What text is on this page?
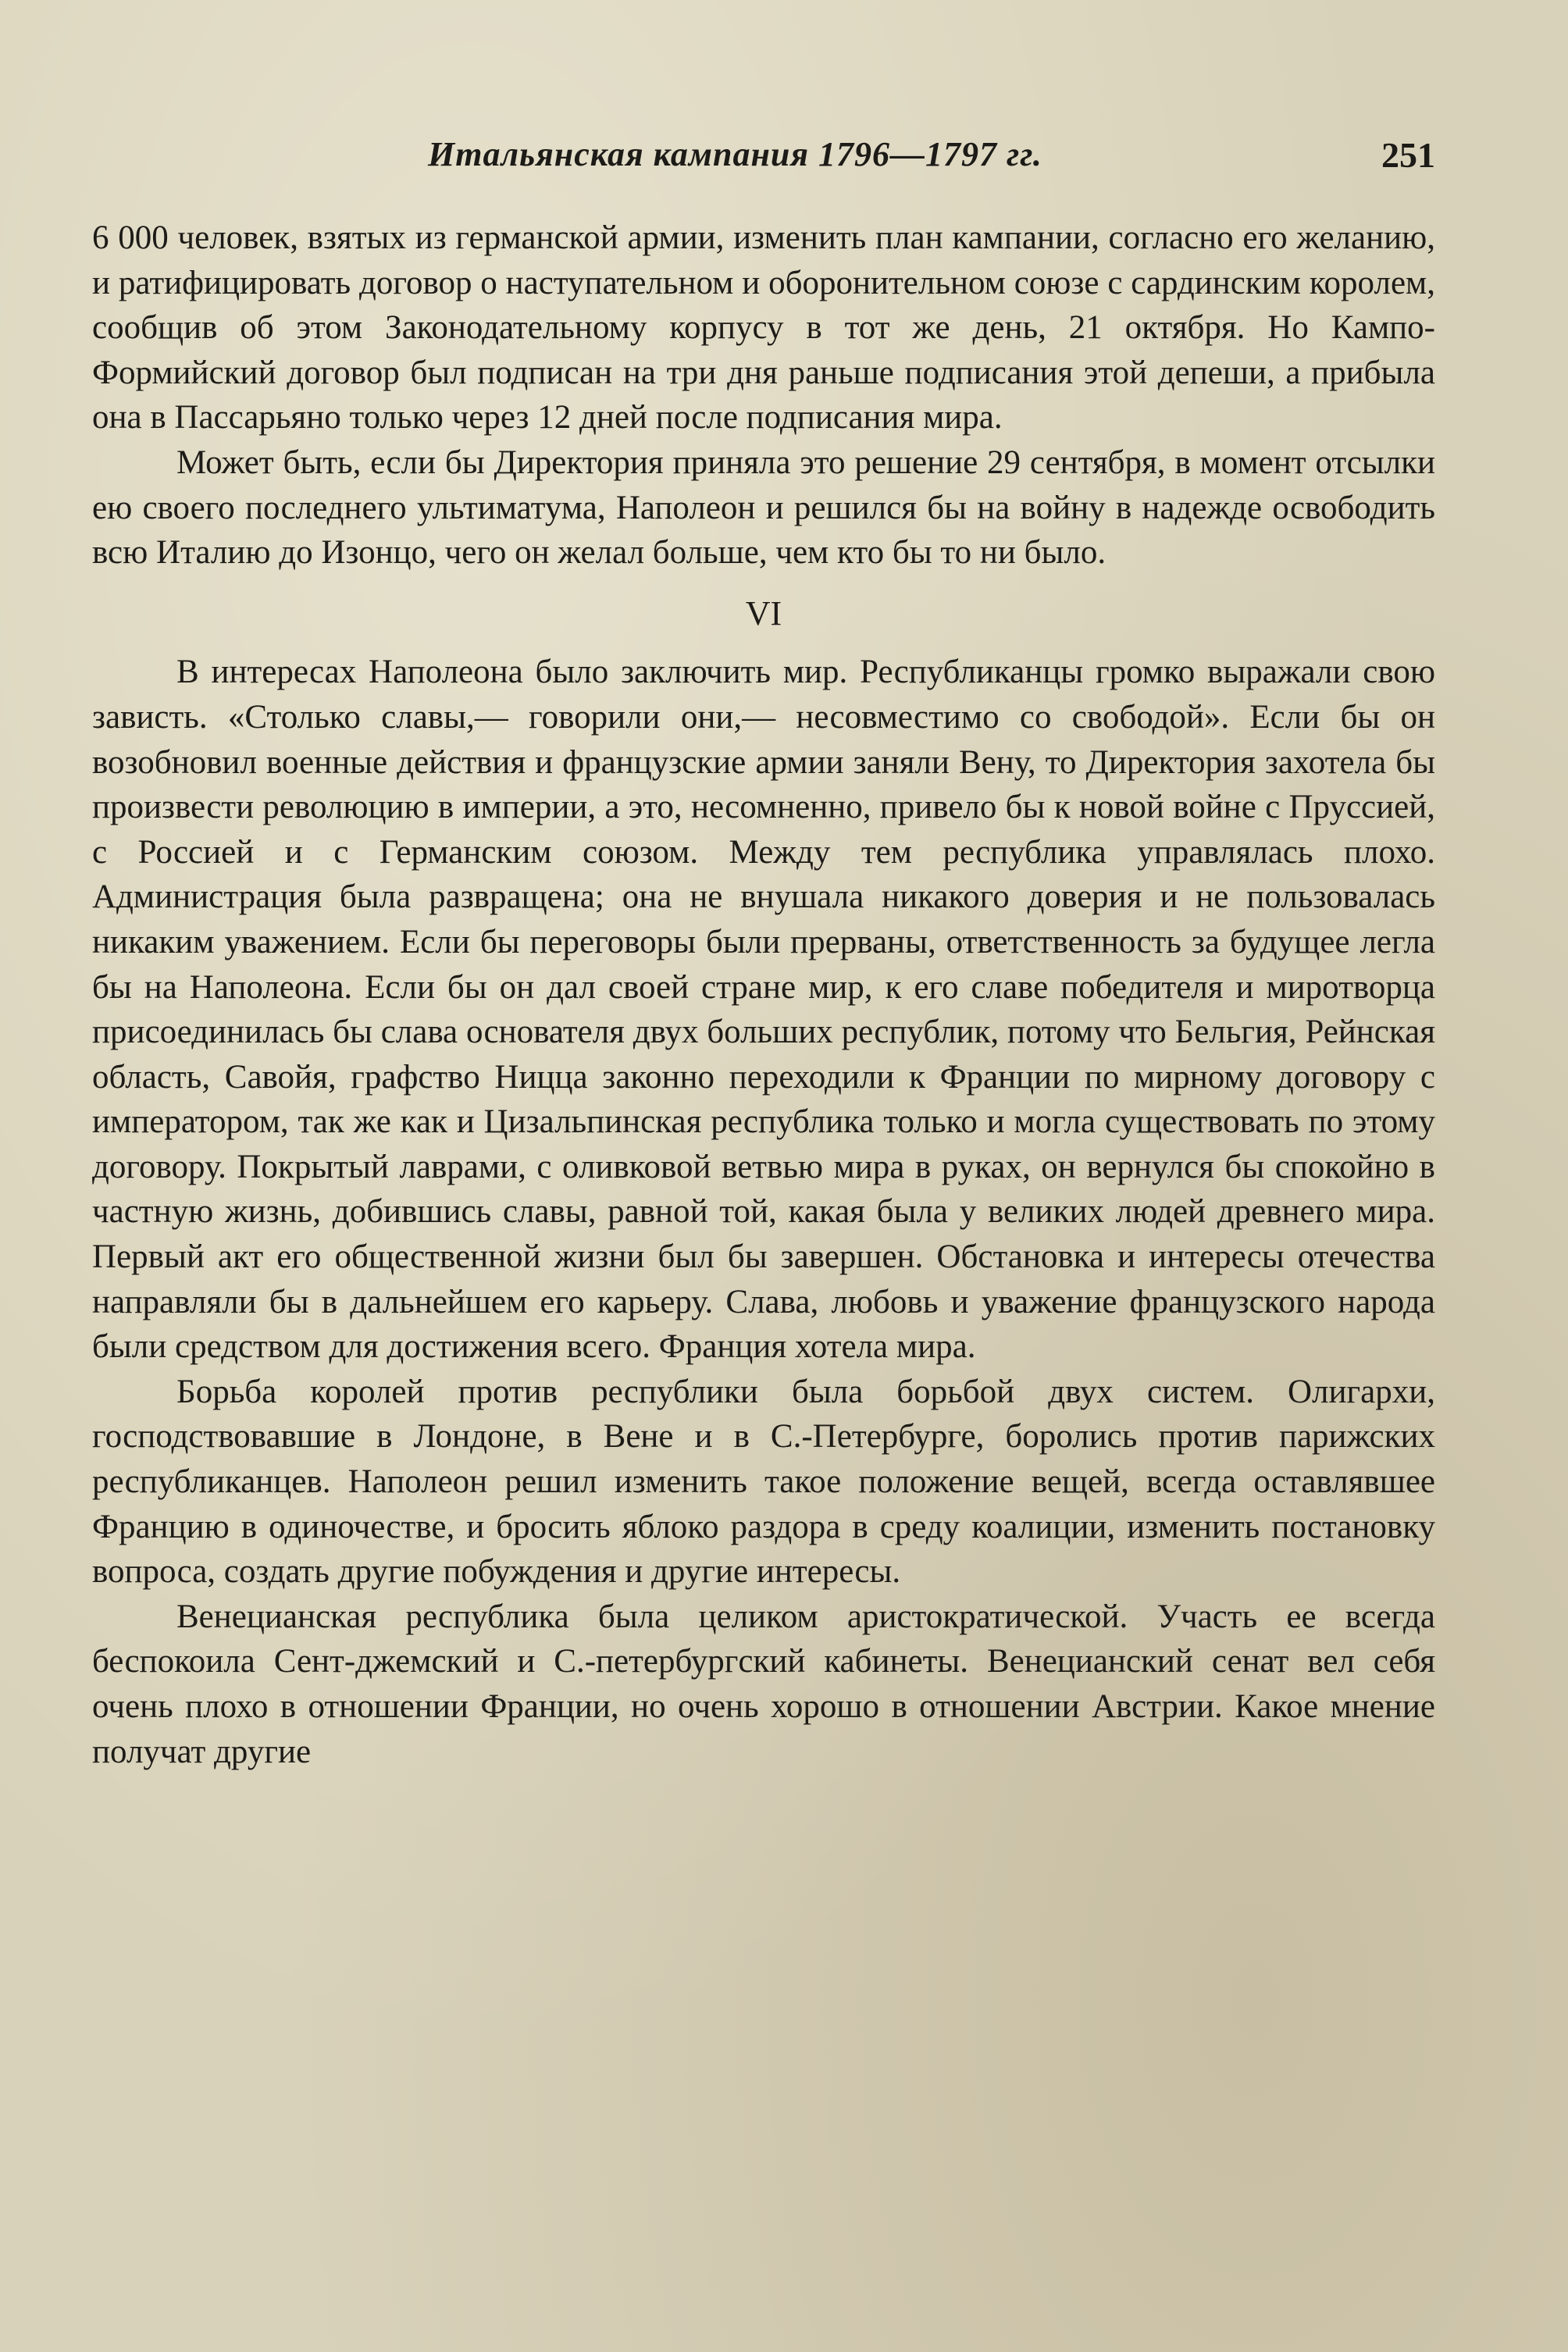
Итальянская кампания 1796—1797 гг.	251

6 000 человек, взятых из германской армии, изменить план кампании, согласно его желанию, и ратифицировать договор о наступательном и оборонительном союзе с сардинским королем, сообщив об этом Законодательному корпусу в тот же день, 21 октября. Но Кампо-Формийский договор был подписан на три дня раньше подписания этой депеши, а прибыла она в Пассарьяно только через 12 дней после подписания мира.

Может быть, если бы Директория приняла это решение 29 сентября, в момент отсылки ею своего последнего ультиматума, Наполеон и решился бы на войну в надежде освободить всю Италию до Изонцо, чего он желал больше, чем кто бы то ни было.

VI

В интересах Наполеона было заключить мир. Республиканцы громко выражали свою зависть. «Столько славы,— говорили они,— несовместимо со свободой». Если бы он возобновил военные действия и французские армии заняли Вену, то Директория захотела бы произвести революцию в империи, а это, несомненно, привело бы к новой войне с Пруссией, с Россией и с Германским союзом. Между тем республика управлялась плохо. Администрация была развращена; она не внушала никакого доверия и не пользовалась никаким уважением. Если бы переговоры были прерваны, ответственность за будущее легла бы на Наполеона. Если бы он дал своей стране мир, к его славе победителя и миротворца присоединилась бы слава основателя двух больших республик, потому что Бельгия, Рейнская область, Савойя, графство Ницца законно переходили к Франции по мирному договору с императором, так же как и Цизальпинская республика только и могла существовать по этому договору. Покрытый лаврами, с оливковой ветвью мира в руках, он вернулся бы спокойно в частную жизнь, добившись славы, равной той, какая была у великих людей древнего мира. Первый акт его общественной жизни был бы завершен. Обстановка и интересы отечества направляли бы в дальнейшем его карьеру. Слава, любовь и уважение французского народа были средством для достижения всего. Франция хотела мира.

Борьба королей против республики была борьбой двух систем. Олигархи, господствовавшие в Лондоне, в Вене и в С.-Петербурге, боролись против парижских республиканцев. Наполеон решил изменить такое положение вещей, всегда оставлявшее Францию в одиночестве, и бросить яблоко раздора в среду коалиции, изменить постановку вопроса, создать другие побуждения и другие интересы.

Венецианская республика была целиком аристократической. Участь ее всегда беспокоила Сент-джемский и С.-петербургский кабинеты. Венецианский сенат вел себя очень плохо в отношении Франции, но очень хорошо в отношении Австрии. Какое мнение получат другие
